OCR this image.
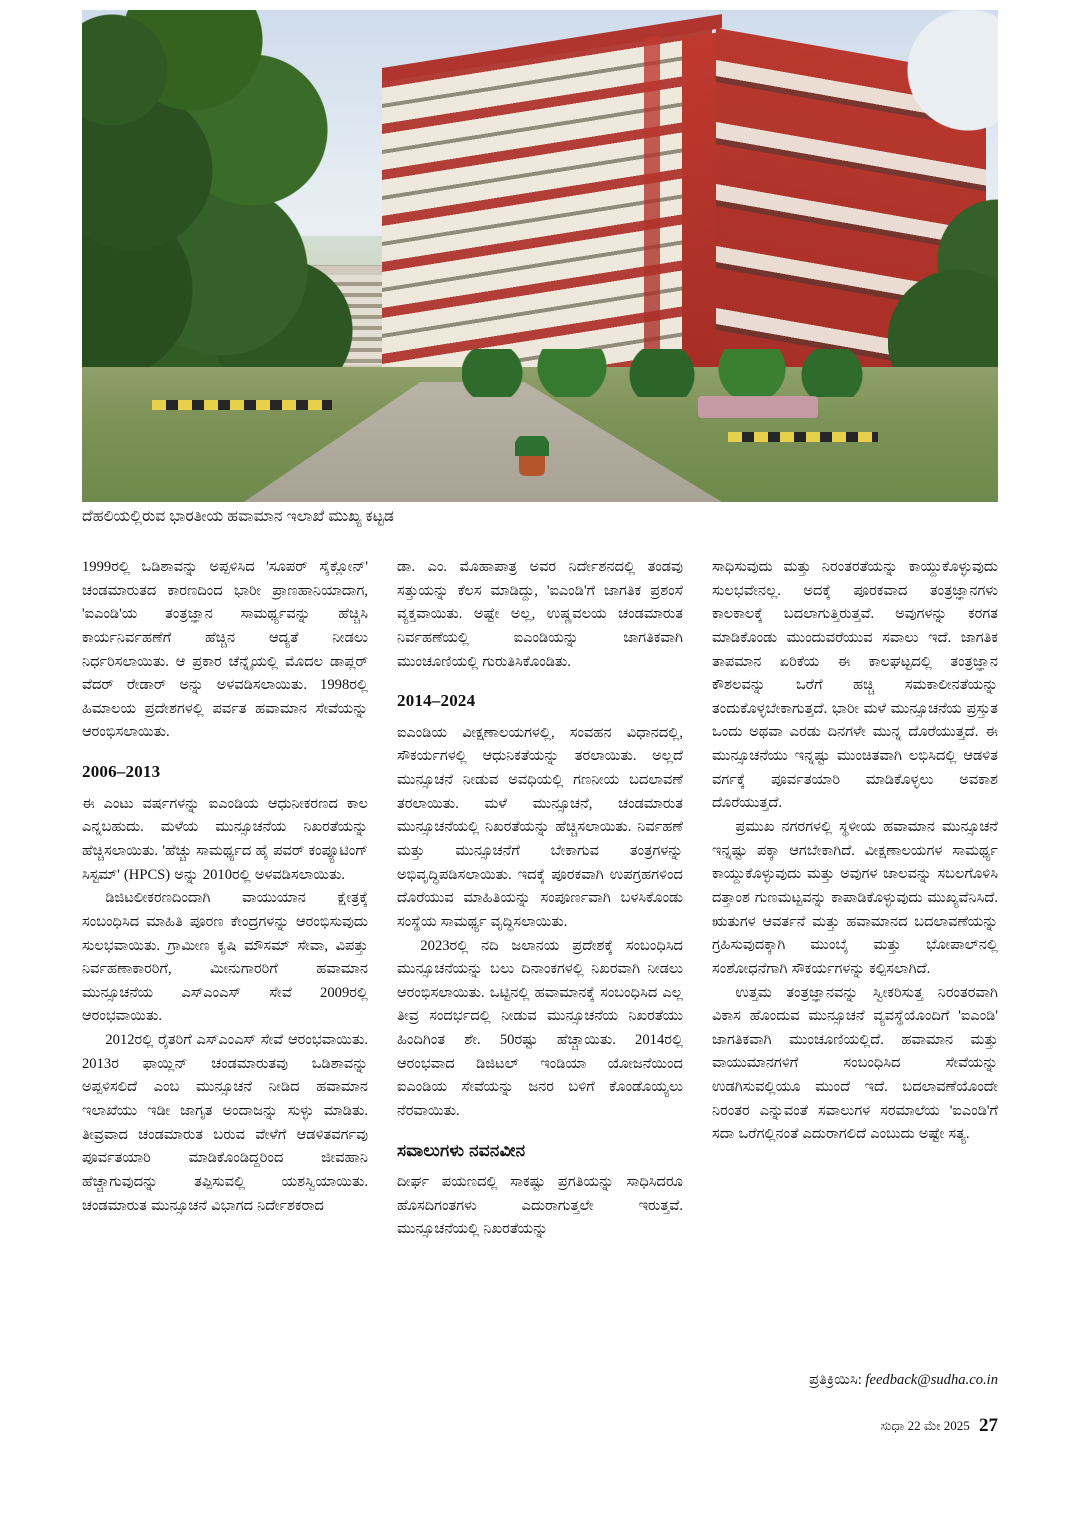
ದೆಹಲಿಯಲ್ಲಿರುವ ಭಾರತೀಯ ಹವಾಮಾನ ಇಲಾಖೆ ಮುಖ್ಯ ಕಟ್ಟಡ

1999ರಲ್ಲಿ ಒಡಿಶಾವನ್ನು ಅಪ್ಪಳಿಸಿದ 'ಸೂಪರ್ ಸೈಕ್ಲೋನ್' ಚಂಡಮಾರುತದ ಕಾರಣದಿಂದ ಭಾರೀ ಪ್ರಾಣಹಾನಿಯಾದಾಗ, 'ಐಎಂಡಿ'ಯ ತಂತ್ರಜ್ಞಾನ ಸಾಮರ್ಥ್ಯವನ್ನು ಹೆಚ್ಚಿಸಿ ಕಾರ್ಯನಿರ್ವಹಣೆಗೆ ಹೆಚ್ಚಿನ ಆದ್ಯತೆ ನೀಡಲು ನಿರ್ಧರಿಸಲಾಯಿತು. ಆ ಪ್ರಕಾರ ಚೆನ್ನೈಯಲ್ಲಿ ಮೊದಲ ಡಾಪ್ಲರ್ ವೆದರ್ ರೇಡಾರ್ ಅನ್ನು ಅಳವಡಿಸಲಾಯಿತು. 1998ರಲ್ಲಿ ಹಿಮಾಲಯ ಪ್ರದೇಶಗಳಲ್ಲಿ ಪರ್ವತ ಹವಾಮಾನ ಸೇವೆಯನ್ನು ಆರಂಭಿಸಲಾಯಿತು.

2006–2013

ಈ ಎಂಟು ವರ್ಷಗಳನ್ನು ಐಎಂಡಿಯ ಆಧುನೀಕರಣದ ಕಾಲ ಎನ್ನಬಹುದು. ಮಳೆಯ ಮುನ್ಸೂಚನೆಯ ನಿಖರತೆಯನ್ನು ಹೆಚ್ಚಿಸಲಾಯಿತು. 'ಹೆಚ್ಚು ಸಾಮರ್ಥ್ಯದ ಹೈ ಪವರ್ ಕಂಪ್ಯೂಟಿಂಗ್ ಸಿಸ್ಟಮ್' (HPCS) ಅನ್ನು 2010ರಲ್ಲಿ ಅಳವಡಿಸಲಾಯಿತು.

ಡಿಜಿಟಲೀಕರಣದಿಂದಾಗಿ ವಾಯುಯಾನ ಕ್ಷೇತ್ರಕ್ಕೆ ಸಂಬಂಧಿಸಿದ ಮಾಹಿತಿ ಪೂರಣ ಕೇಂದ್ರಗಳನ್ನು ಆರಂಭಿಸುವುದು ಸುಲಭವಾಯಿತು. ಗ್ರಾಮೀಣ ಕೃಷಿ ಮೌಸಮ್ ಸೇವಾ, ವಿಪತ್ತು ನಿರ್ವಹಣಾಕಾರರಿಗೆ, ಮೀನುಗಾರರಿಗೆ ಹವಾಮಾನ ಮುನ್ಸೂಚನೆಯ ಎಸ್‌ಎಂಎಸ್ ಸೇವೆ 2009ರಲ್ಲಿ ಆರಂಭವಾಯಿತು.

2012ರಲ್ಲಿ ರೈತರಿಗೆ ಎಸ್‌ಎಂಎಸ್ ಸೇವೆ ಆರಂಭವಾಯಿತು. 2013ರ ಫಾಯ್ಲಿನ್ ಚಂಡಮಾರುತವು ಒಡಿಶಾವನ್ನು ಅಪ್ಪಳಿಸಲಿದೆ ಎಂಬ ಮುನ್ಸೂಚನೆ ನೀಡಿದ ಹವಾಮಾನ ಇಲಾಖೆಯು ಇಡೀ ಜಾಗೃತ ಅಂದಾಜನ್ನು ಸುಳ್ಳು ಮಾಡಿತು. ತೀವ್ರವಾದ ಚಂಡಮಾರುತ ಬರುವ ವೇಳೆಗೆ ಆಡಳಿತವರ್ಗವು ಪೂರ್ವತಯಾರಿ ಮಾಡಿಕೊಂಡಿದ್ದರಿಂದ ಜೀವಹಾನಿ ಹೆಚ್ಚಾಗುವುದನ್ನು ತಪ್ಪಿಸುವಲ್ಲಿ ಯಶಸ್ವಿಯಾಯಿತು. ಚಂಡಮಾರುತ ಮುನ್ಸೂಚನೆ ವಿಭಾಗದ ನಿರ್ದೇಶಕರಾದ

ಡಾ. ಎಂ. ಮೊಹಾಪಾತ್ರ ಅವರ ನಿರ್ದೇಶನದಲ್ಲಿ ತಂಡವು ಸತ್ತುಯನ್ನು ಕೆಲಸ ಮಾಡಿದ್ದು, 'ಐಎಂಡಿ'ಗೆ ಜಾಗತಿಕ ಪ್ರಶಂಸೆ ವ್ಯಕ್ತವಾಯಿತು. ಅಷ್ಟೇ ಅಲ್ಲ, ಉಷ್ಣವಲಯ ಚಂಡಮಾರುತ ನಿರ್ವಹಣೆಯಲ್ಲಿ ಐಎಂಡಿಯನ್ನು ಜಾಗತಿಕವಾಗಿ ಮುಂಚೂಣಿಯಲ್ಲಿ ಗುರುತಿಸಿಕೊಂಡಿತು.

2014–2024

ಐಎಂಡಿಯ ವೀಕ್ಷಣಾಲಯಗಳಲ್ಲಿ, ಸಂವಹನ ವಿಧಾನದಲ್ಲಿ, ಸೌಕರ್ಯಗಳಲ್ಲಿ ಆಧುನಿಕತೆಯನ್ನು ತರಲಾಯಿತು. ಅಲ್ಲದೆ ಮುನ್ಸೂಚನೆ ನೀಡುವ ಅವಧಿಯಲ್ಲಿ ಗಣನೀಯ ಬದಲಾವಣೆ ತರಲಾಯಿತು. ಮಳೆ ಮುನ್ಸೂಚನೆ, ಚಂಡಮಾರುತ ಮುನ್ಸೂಚನೆಯಲ್ಲಿ ನಿಖರತೆಯನ್ನು ಹೆಚ್ಚಿಸಲಾಯಿತು. ನಿರ್ವಹಣೆ ಮತ್ತು ಮುನ್ಸೂಚನೆಗೆ ಬೇಕಾಗುವ ತಂತ್ರಗಳನ್ನು ಅಭಿವೃದ್ಧಿಪಡಿಸಲಾಯಿತು. ಇದಕ್ಕೆ ಪೂರಕವಾಗಿ ಉಪಗ್ರಹಗಳಿಂದ ದೊರೆಯುವ ಮಾಹಿತಿಯನ್ನು ಸಂಪೂರ್ಣವಾಗಿ ಬಳಸಿಕೊಂಡು ಸಂಸ್ಥೆಯ ಸಾಮರ್ಥ್ಯ ವೃದ್ಧಿಸಲಾಯಿತು.

2023ರಲ್ಲಿ ನದಿ ಜಲಾನಯ ಪ್ರದೇಶಕ್ಕೆ ಸಂಬಂಧಿಸಿದ ಮುನ್ಸೂಚನೆಯನ್ನು ಬಲು ದಿನಾಂಕಗಳಲ್ಲಿ ನಿಖರವಾಗಿ ನೀಡಲು ಆರಂಭಿಸಲಾಯಿತು. ಒಟ್ಟಿನಲ್ಲಿ ಹವಾಮಾನಕ್ಕೆ ಸಂಬಂಧಿಸಿದ ಎಲ್ಲ ತೀವ್ರ ಸಂದರ್ಭದಲ್ಲಿ ನೀಡುವ ಮುನ್ಸೂಚನೆಯ ನಿಖರತೆಯು ಹಿಂದಿಗಿಂತ ಶೇ. 50ರಷ್ಟು ಹೆಚ್ಚಾಯಿತು. 2014ರಲ್ಲಿ ಆರಂಭವಾದ ಡಿಜಿಟಲ್ ಇಂಡಿಯಾ ಯೋಜನೆಯಿಂದ ಐಎಂಡಿಯ ಸೇವೆಯನ್ನು ಜನರ ಬಳಿಗೆ ಕೊಂಡೊಯ್ಯಲು ನೆರವಾಯಿತು.

ಸವಾಲುಗಳು ನವನವೀನ

ದೀರ್ಘ ಪಯಣದಲ್ಲಿ ಸಾಕಷ್ಟು ಪ್ರಗತಿಯನ್ನು ಸಾಧಿಸಿದರೂ ಹೊಸದಿಗಂತಗಳು ಎದುರಾಗುತ್ತಲೇ ಇರುತ್ತವೆ. ಮುನ್ಸೂಚನೆಯಲ್ಲಿ ನಿಖರತೆಯನ್ನು

ಸಾಧಿಸುವುದು ಮತ್ತು ನಿರಂತರತೆಯನ್ನು ಕಾಯ್ದುಕೊಳ್ಳುವುದು ಸುಲಭವೇನಲ್ಲ. ಅದಕ್ಕೆ ಪೂರಕವಾದ ತಂತ್ರಜ್ಞಾನಗಳು ಕಾಲಕಾಲಕ್ಕೆ ಬದಲಾಗುತ್ತಿರುತ್ತವೆ. ಅವುಗಳನ್ನು ಕರಗತ ಮಾಡಿಕೊಂಡು ಮುಂದುವರೆಯುವ ಸವಾಲು ಇದೆ. ಜಾಗತಿಕ ತಾಪಮಾನ ಏರಿಕೆಯ ಈ ಕಾಲಘಟ್ಟದಲ್ಲಿ ತಂತ್ರಜ್ಞಾನ ಕೌಶಲವನ್ನು ಒರೆಗೆ ಹಚ್ಚಿ ಸಮಕಾಲೀನತೆಯನ್ನು ತಂದುಕೊಳ್ಳಬೇಕಾಗುತ್ತದೆ. ಭಾರೀ ಮಳೆ ಮುನ್ಸೂಚನೆಯ ಪ್ರಸ್ತುತ ಒಂದು ಅಥವಾ ಎರಡು ದಿನಗಳೇ ಮುನ್ನ ದೊರೆಯುತ್ತದೆ. ಈ ಮುನ್ಸೂಚನೆಯು ಇನ್ನಷ್ಟು ಮುಂಚಿತವಾಗಿ ಲಭಿಸಿದಲ್ಲಿ ಆಡಳಿತ ವರ್ಗಕ್ಕೆ ಪೂರ್ವತಯಾರಿ ಮಾಡಿಕೊಳ್ಳಲು ಅವಕಾಶ ದೊರೆಯುತ್ತದೆ.

ಪ್ರಮುಖ ನಗರಗಳಲ್ಲಿ ಸ್ಥಳೀಯ ಹವಾಮಾನ ಮುನ್ಸೂಚನೆ ಇನ್ನಷ್ಟು ಪಕ್ಕಾ ಆಗಬೇಕಾಗಿದೆ. ವೀಕ್ಷಣಾಲಯಗಳ ಸಾಮರ್ಥ್ಯ ಕಾಯ್ದುಕೊಳ್ಳುವುದು ಮತ್ತು ಅವುಗಳ ಜಾಲವನ್ನು ಸಬಲಗೊಳಿಸಿ ದತ್ತಾಂಶ ಗುಣಮಟ್ಟವನ್ನು ಕಾಪಾಡಿಕೊಳ್ಳುವುದು ಮುಖ್ಯವೆನಿಸಿದೆ. ಋತುಗಳ ಆವರ್ತನೆ ಮತ್ತು ಹವಾಮಾನದ ಬದಲಾವಣೆಯನ್ನು ಗ್ರಹಿಸುವುದಕ್ಕಾಗಿ ಮುಂಬೈ ಮತ್ತು ಭೋಪಾಲ್‌ನಲ್ಲಿ ಸಂಶೋಧನೆಗಾಗಿ ಸೌಕರ್ಯಗಳನ್ನು ಕಲ್ಪಿಸಲಾಗಿದೆ.

ಉತ್ತಮ ತಂತ್ರಜ್ಞಾನವನ್ನು ಸ್ವೀಕರಿಸುತ್ತ ನಿರಂತರವಾಗಿ ವಿಕಾಸ ಹೊಂದುವ ಮುನ್ಸೂಚನೆ ವ್ಯವಸ್ಥೆಯೊಂದಿಗೆ 'ಐಎಂಡಿ' ಜಾಗತಿಕವಾಗಿ ಮುಂಚೂಣಿಯಲ್ಲಿದೆ. ಹವಾಮಾನ ಮತ್ತು ವಾಯುಮಾನಗಳಿಗೆ ಸಂಬಂಧಿಸಿದ ಸೇವೆಯನ್ನು ಉಡಗಿಸುವಲ್ಲಿಯೂ ಮುಂದೆ ಇದೆ. ಬದಲಾವಣೆಯೊಂದೇ ನಿರಂತರ ಎನ್ನುವಂತೆ ಸವಾಲುಗಳ ಸರಮಾಲೆಯ 'ಐಎಂಡಿ'ಗೆ ಸದಾ ಒರೆಗಲ್ಲಿನಂತೆ ಎದುರಾಗಲಿದೆ ಎಂಬುದು ಅಷ್ಟೇ ಸತ್ಯ.

ಪ್ರತಿಕ್ರಿಯಿಸಿ: feedback@sudha.co.in
ಸುಧಾ 22 ಮೇ 2025 27
